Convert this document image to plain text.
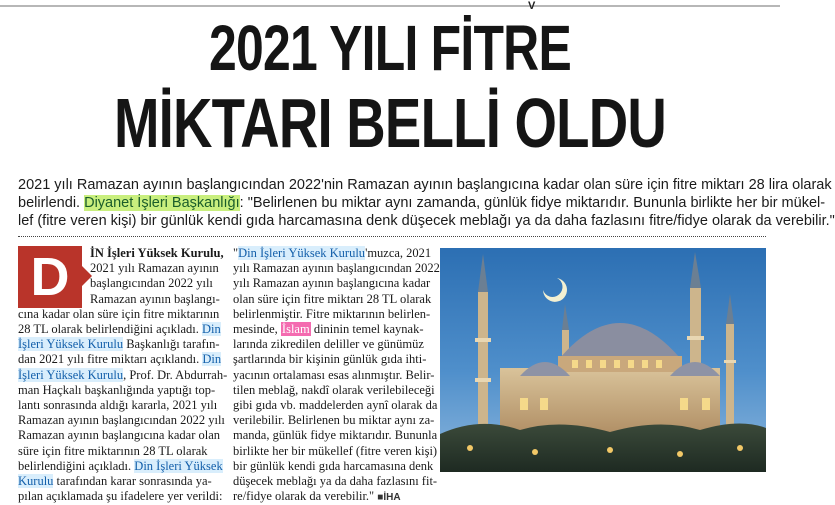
V
2021 YILI FİTRE
MİKTARI BELLİ OLDU
2021 yılı Ramazan ayının başlangıcından 2022'nin Ramazan ayının başlangıcına kadar olan süre için fitre miktarı 28 lira olarak
belirlendi. Diyanet İşleri Başkanlığı: "Belirlenen bu miktar aynı zamanda, günlük fidye miktarıdır. Bununla birlikte her bir mükel-
lef (fitre veren kişi) bir günlük kendi gıda harcamasına denk düşecek meblağı ya da daha fazlasını fitre/fidye olarak da verebilir."
D	İN İşleri Yüksek Kurulu,
2021 yılı Ramazan ayının
başlangıcından 2022 yılı
Ramazan ayının başlangı-
cına kadar olan süre için fitre miktarının
28 TL olarak belirlendiğini açıkladı. Din
İşleri Yüksek Kurulu Başkanlığı tarafın-
dan 2021 yılı fitre miktarı açıklandı. Din
İşleri Yüksek Kurulu, Prof. Dr. Abdurrah-
man Haçkalı başkanlığında yaptığı top-
lantı sonrasında aldığı kararla, 2021 yılı
Ramazan ayının başlangıcından 2022 yılı
Ramazan ayının başlangıcına kadar olan
süre için fitre miktarının 28 TL olarak
belirlendiğini açıkladı. Din İşleri Yüksek
Kurulu tarafından karar sonrasında ya-
pılan açıklamada şu ifadelere yer verildi:
"Din İşleri Yüksek Kurulu'muzca, 2021
yılı Ramazan ayının başlangıcından 2022
yılı Ramazan ayının başlangıcına kadar
olan süre için fitre miktarı 28 TL olarak
belirlenmiştir. Fitre miktarının belirlen-
mesinde, İslam dininin temel kaynak-
larında zikredilen deliller ve günümüz
şartlarında bir kişinin günlük gıda ihti-
yacının ortalaması esas alınmıştır. Belir-
tilen meblağ, nakdî olarak verilebileceği
gibi gıda vb. maddelerden aynî olarak da
verilebilir. Belirlenen bu miktar aynı za-
manda, günlük fidye miktarıdır. Bununla
birlikte her bir mükellef (fitre veren kişi)
bir günlük kendi gıda harcamasına denk
düşecek meblağı ya da daha fazlasını fit-
re/fidye olarak da verebilir." ■İHA
